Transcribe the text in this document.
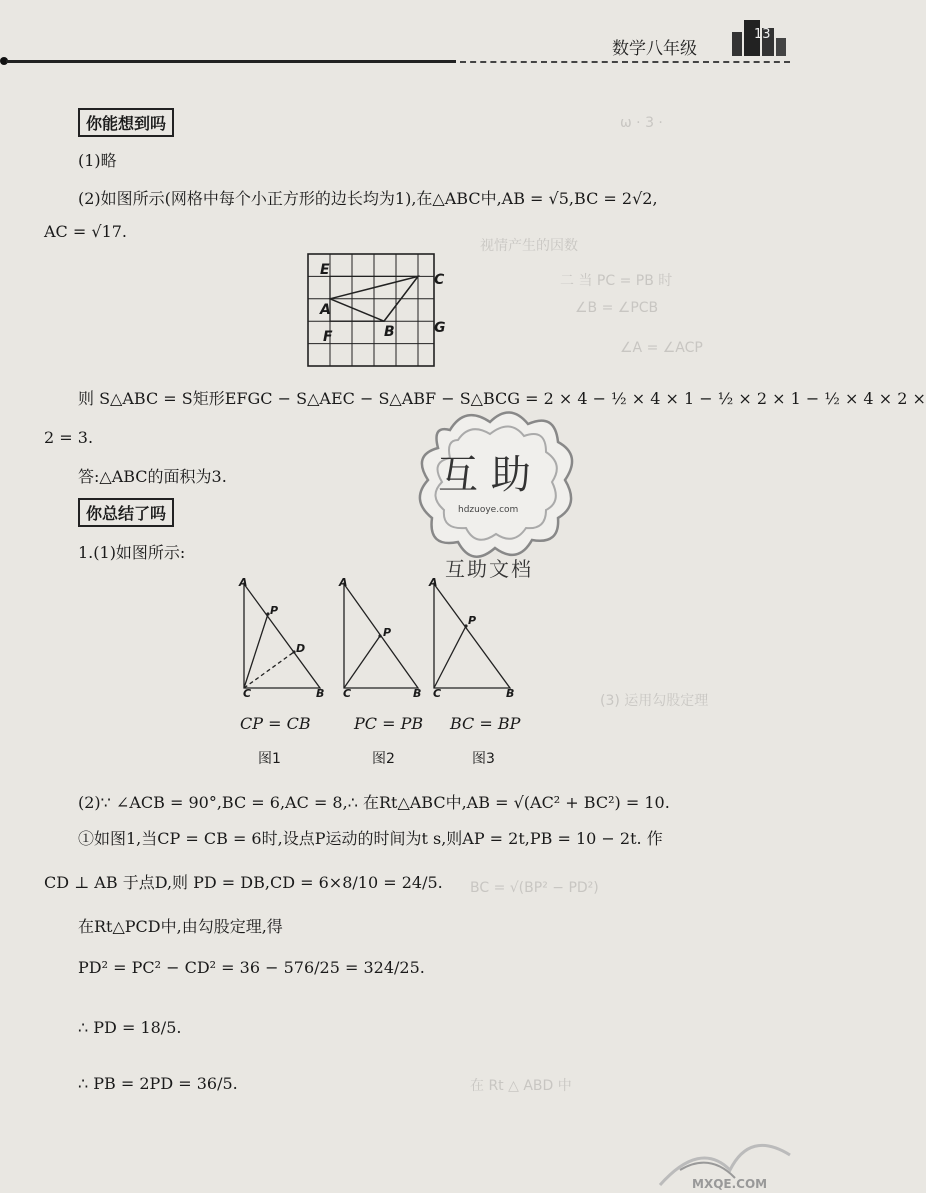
数学八年级
13
ω · 3 ·
视情产生的因数
二 当 PC = PB 时
∠B = ∠PCB
∠A = ∠ACP
(3) 运用勾股定理
BC = √(BP² − PD²)
在 Rt △ ABD 中
你能想到吗
(1)略
(2)如图所示(网格中每个小正方形的边长均为1),在△ABC中,AB = √5,BC = 2√2,
AC = √17.
E
C
A
G
F	B
则 S△ABC = S矩形EFGC − S△AEC − S△ABF − S△BCG = 2 × 4 − ½ × 4 × 1 − ½ × 2 × 1 − ½ × 4 × 2 ×
2 = 3.
答:△ABC的面积为3.
你总结了吗
1.(1)如图所示:
A
P
D
C	B
A
P
C	B
A
P
C	B
CP = CB	PC = PB BC = BP
图1	图2	图3
(2)∵ ∠ACB = 90°,BC = 6,AC = 8,∴ 在Rt△ABC中,AB = √(AC² + BC²) = 10.
①如图1,当CP = CB = 6时,设点P运动的时间为t s,则AP = 2t,PB = 10 − 2t. 作
CD ⊥ AB 于点D,则 PD = DB,CD = 6×8/10 = 24/5.
在Rt△PCD中,由勾股定理,得
PD² = PC² − CD² = 36 − 576/25 = 324/25.
∴ PD = 18/5.
∴ PB = 2PD = 36/5.
互 助
hdzuoye.com
互助文档
MXQE.COM
